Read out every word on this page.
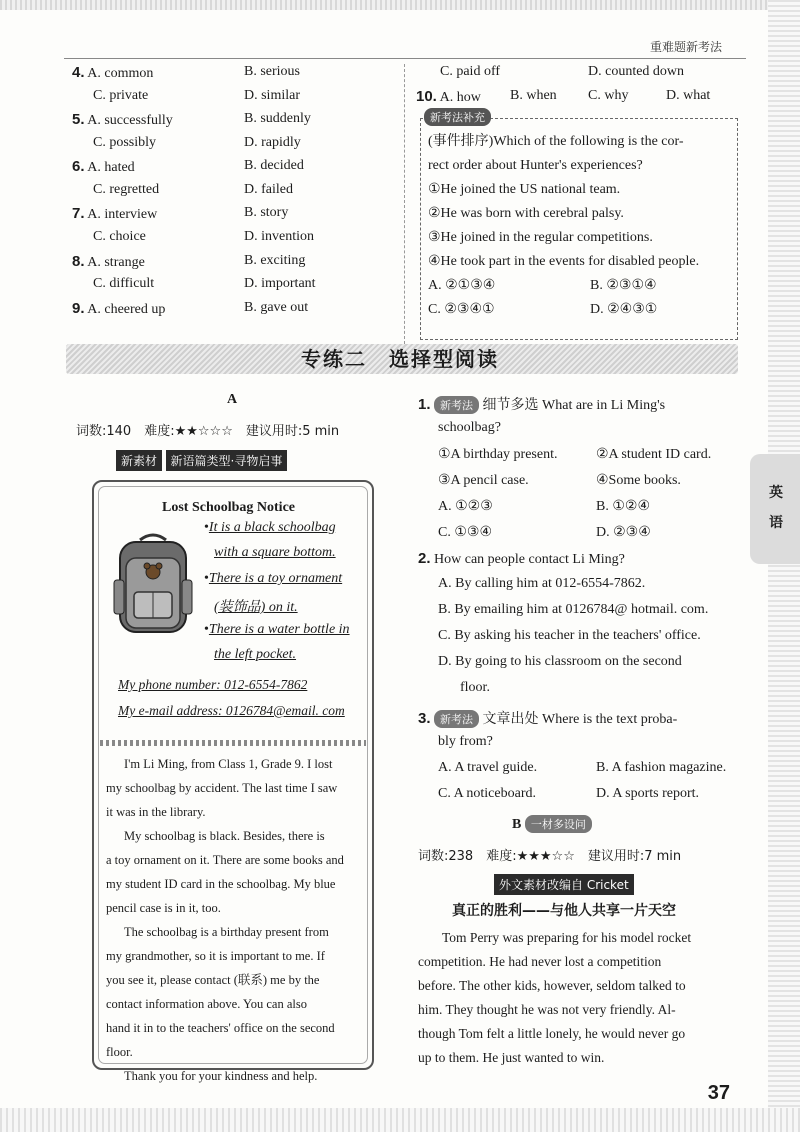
重难题新考法
4. A. common	B. serious
C. private	D. similar
5. A. successfully	B. suddenly
C. possibly	D. rapidly
6. A. hated	B. decided
C. regretted	D. failed
7. A. interview	B. story
C. choice	D. invention
8. A. strange	B. exciting
C. difficult	D. important
9. A. cheered up	B. gave out
C. paid off	D. counted down
10. A. how B. when C. why	D. what
新考法补充
(事件排序)Which of the following is the cor-
rect order about Hunter's experiences?
①He joined the US national team.
②He was born with cerebral palsy.
③He joined in the regular competitions.
④He took part in the events for disabled people.
A. ②①③④	B. ②③①④
C. ②③④①	D. ②④③①
专练二　选择型阅读
A
词数:140　难度:★★☆☆☆　建议用时:5 min
新素材 新语篇类型·寻物启事
Lost Schoolbag Notice
•It is a black schoolbag
with a square bottom.
•There is a toy ornament
(装饰品) on it.
•There is a water bottle in
the left pocket.
My phone number: 012-6554-7862
My e-mail address: 0126784@email. com
I'm Li Ming, from Class 1, Grade 9. I lost
my schoolbag by accident. The last time I saw
it was in the library.
My schoolbag is black. Besides, there is
a toy ornament on it. There are some books and
my student ID card in the schoolbag. My blue
pencil case is in it, too.
The schoolbag is a birthday present from
my grandmother, so it is important to me. If
you see it, please contact (联系) me by the
contact information above. You can also
hand it in to the teachers' office on the second
floor.
Thank you for your kindness and help.
1. 新考法 细节多选 What are in Li Ming's
schoolbag?
①A birthday present.	②A student ID card.
③A pencil case.	④Some books.
A. ①②③	B. ①②④
C. ①③④	D. ②③④
2. How can people contact Li Ming?
A. By calling him at 012-6554-7862.
B. By emailing him at 0126784@ hotmail. com.
C. By asking his teacher in the teachers' office.
D. By going to his classroom on the second
floor.
3. 新考法 文章出处 Where is the text proba-
bly from?
A. A travel guide.	B. A fashion magazine.
C. A noticeboard.	D. A sports report.
B 一材多设问
词数:238　难度:★★★☆☆　建议用时:7 min
外文素材改编自 Cricket
真正的胜利——与他人共享一片天空
Tom Perry was preparing for his model rocket
competition. He had never lost a competition
before. The other kids, however, seldom talked to
him. They thought he was not very friendly. Al-
though Tom felt a little lonely, he would never go
up to them. He just wanted to win.
英
语
37
